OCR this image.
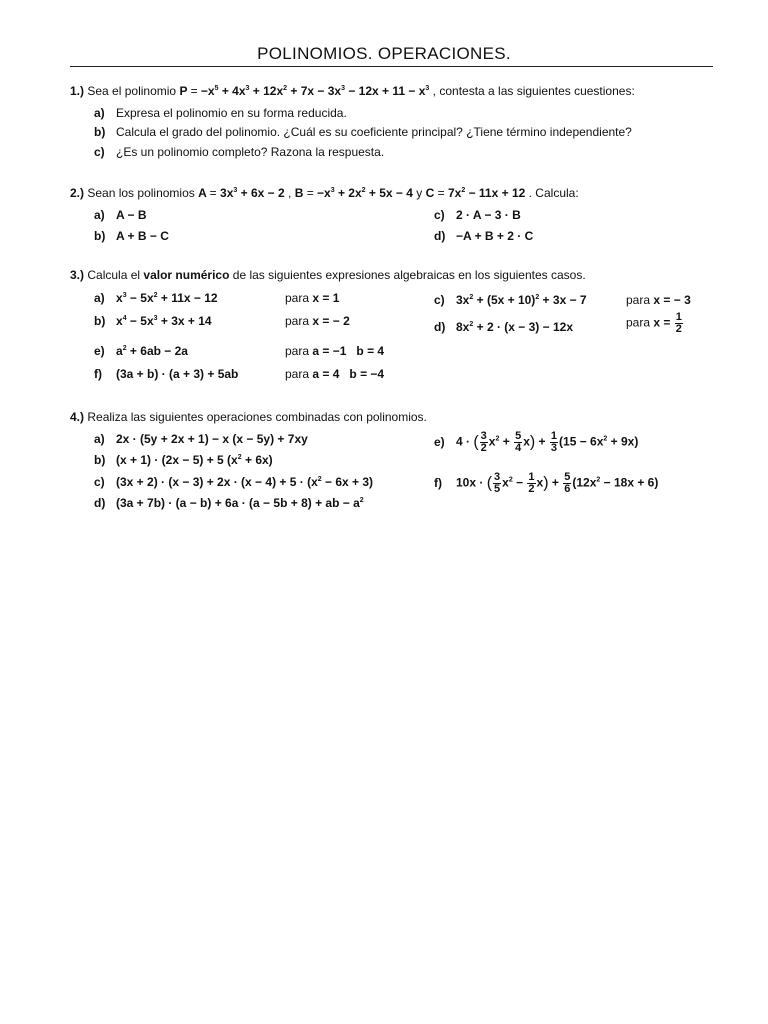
POLINOMIOS. OPERACIONES.
1.) Sea el polinomio $P = -x^5 + 4x^3 + 12x^2 + 7x - 3x^3 - 12x + 11 - x^3$ , contesta a las siguientes cuestiones:
a) Expresa el polinomio en su forma reducida.
b) Calcula el grado del polinomio. ¿Cuál es su coeficiente principal? ¿Tiene término independiente?
c) ¿Es un polinomio completo? Razona la respuesta.
2.) Sean los polinomios $A = 3x^3 + 6x - 2$ , $B = -x^3 + 2x^2 + 5x - 4$ y $C = 7x^2 - 11x + 12$ . Calcula:
a) A − B
b) A + B − C
c) 2 · A − 3 · B
d) −A + B + 2 · C
3.) Calcula el valor numérico de las siguientes expresiones algebraicas en los siguientes casos.
a) $x^3 - 5x^2 + 11x - 12$	para x = 1
b) $x^4 - 5x^3 + 3x + 14$	para x = − 2
c) $3x^2 + (5x + 10)^2 + 3x - 7$	para x = − 3
d) $8x^2 + 2 \cdot (x - 3) - 12x$	para $x = \frac{1}{2}$
e) $a^2 + 6ab - 2a$	para a = −1   b = 4
f) (3a + b) · (a + 3) + 5ab	para a = 4   b = −4
4.) Realiza las siguientes operaciones combinadas con polinomios.
a) 2x · (5y + 2x + 1) − x (x − 5y) + 7xy
b) (x + 1) · (2x − 5) + 5 $(x^2 + 6x)$
c) $(3x + 2) \cdot (x - 3) + 2x \cdot (x - 4) + 5 \cdot (x^2 - 6x + 3)$
d) (3a + 7b) · (a − b) + 6a · (a − 5b + 8) + ab − $a^2$
e) 4 · ( $\frac{3}{2} x^2 + \frac{5}{4} x) + \frac{1}{3} (15 - 6x^2 + 9x)$
f) 10x · ( $\frac{3}{5} x^2 - \frac{1}{2} x) + \frac{5}{6} (12x^2 - 18x + 6)$
